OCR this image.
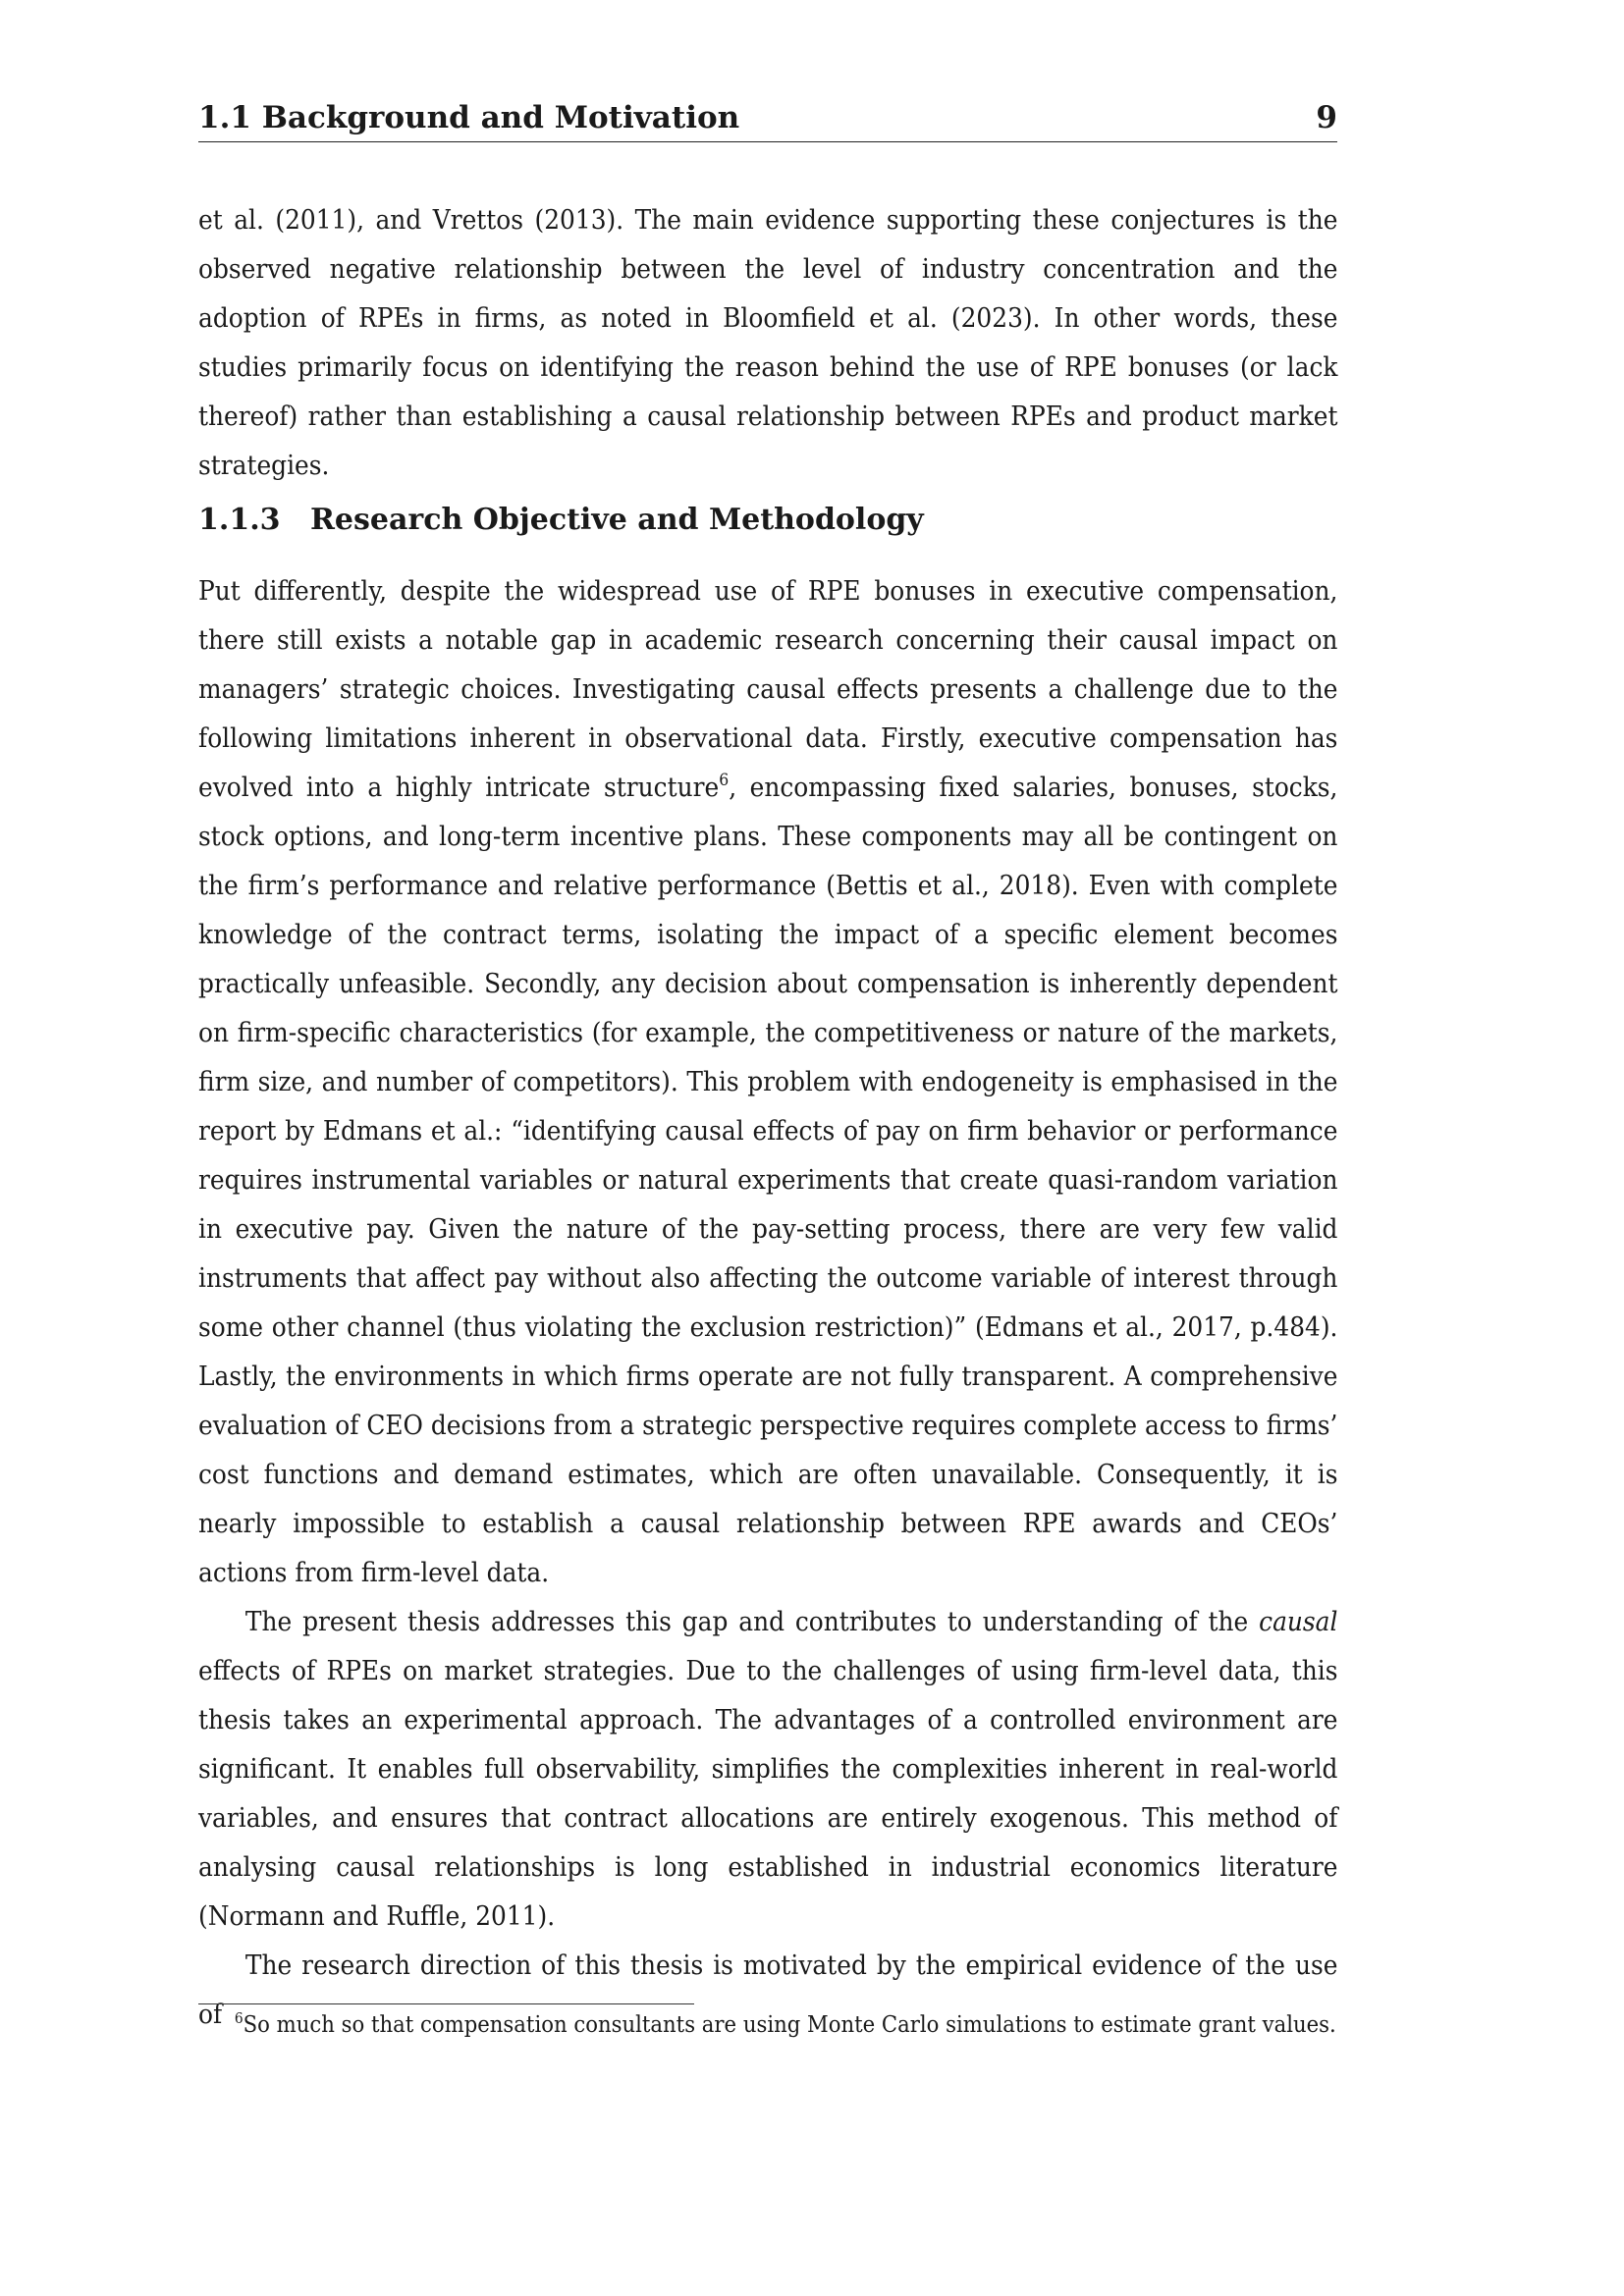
1.1 Background and Motivation	9

et al. (2011), and Vrettos (2013). The main evidence supporting these conjectures is the observed negative relationship between the level of industry concentration and the adoption of RPEs in firms, as noted in Bloomfield et al. (2023). In other words, these studies primarily focus on identifying the reason behind the use of RPE bonuses (or lack thereof) rather than establishing a causal relationship between RPEs and product market strategies.

1.1.3 Research Objective and Methodology

Put differently, despite the widespread use of RPE bonuses in executive compensation, there still exists a notable gap in academic research concerning their causal impact on managers’ strategic choices. Investigating causal effects presents a challenge due to the following limitations inherent in observational data. Firstly, executive compensation has evolved into a highly intricate structure$^6$, encompassing fixed salaries, bonuses, stocks, stock options, and long-term incentive plans. These components may all be contingent on the firm’s performance and relative performance (Bettis et al., 2018). Even with complete knowledge of the contract terms, isolating the impact of a specific element becomes practically unfeasible. Secondly, any decision about compensation is inherently dependent on firm-specific characteristics (for example, the competitiveness or nature of the markets, firm size, and number of competitors). This problem with endogeneity is emphasised in the report by Edmans et al.: “identifying causal effects of pay on firm behavior or performance requires instrumental variables or natural experiments that create quasi-random variation in executive pay. Given the nature of the pay-setting process, there are very few valid instruments that affect pay without also affecting the outcome variable of interest through some other channel (thus violating the exclusion restriction)” (Edmans et al., 2017, p.484). Lastly, the environments in which firms operate are not fully transparent. A comprehensive evaluation of CEO decisions from a strategic perspective requires complete access to firms’ cost functions and demand estimates, which are often unavailable. Consequently, it is nearly impossible to establish a causal relationship between RPE awards and CEOs’ actions from firm-level data.

The present thesis addresses this gap and contributes to understanding of the causal effects of RPEs on market strategies. Due to the challenges of using firm-level data, this thesis takes an experimental approach. The advantages of a controlled environment are significant. It enables full observability, simplifies the complexities inherent in real-world variables, and ensures that contract allocations are entirely exogenous. This method of analysing causal relationships is long established in industrial economics literature (Normann and Ruffle, 2011).

The research direction of this thesis is motivated by the empirical evidence of the use of $^6$So much so that compensation consultants are using Monte Carlo simulations to estimate grant values.
